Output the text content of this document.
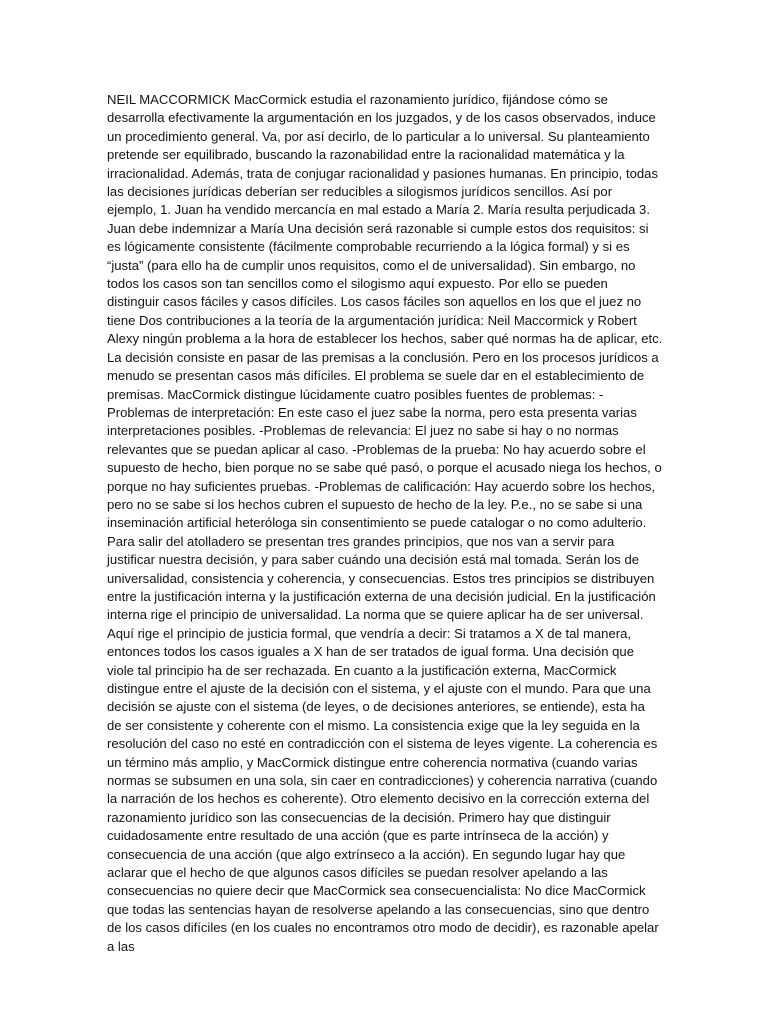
NEIL MACCORMICK MacCormick estudia el razonamiento jurídico, fijándose cómo se desarrolla efectivamente la argumentación en los juzgados, y de los casos observados, induce un procedimiento general. Va, por así decirlo, de lo particular a lo universal. Su planteamiento pretende ser equilibrado, buscando la razonabilidad entre la racionalidad matemática y la irracionalidad. Además, trata de conjugar racionalidad y pasiones humanas. En principio, todas las decisiones jurídicas deberían ser reducibles a silogismos jurídicos sencillos. Así por ejemplo, 1. Juan ha vendido mercancía en mal estado a María 2. María resulta perjudicada 3. Juan debe indemnizar a María Una decisión será razonable si cumple estos dos requisitos: si es lógicamente consistente (fácilmente comprobable recurriendo a la lógica formal) y si es “justa” (para ello ha de cumplir unos requisitos, como el de universalidad). Sin embargo, no todos los casos son tan sencillos como el silogismo aquí expuesto. Por ello se pueden distinguir casos fáciles y casos difíciles. Los casos fáciles son aquellos en los que el juez no tiene Dos contribuciones a la teoría de la argumentación jurídica: Neil Maccormick y Robert Alexy ningún problema a la hora de establecer los hechos, saber qué normas ha de aplicar, etc. La decisión consiste en pasar de las premisas a la conclusión. Pero en los procesos jurídicos a menudo se presentan casos más difíciles. El problema se suele dar en el establecimiento de premisas. MacCormick distingue lúcidamente cuatro posibles fuentes de problemas: -Problemas de interpretación: En este caso el juez sabe la norma, pero esta presenta varias interpretaciones posibles. -Problemas de relevancia: El juez no sabe si hay o no normas relevantes que se puedan aplicar al caso. -Problemas de la prueba: No hay acuerdo sobre el supuesto de hecho, bien porque no se sabe qué pasó, o porque el acusado niega los hechos, o porque no hay suficientes pruebas. -Problemas de calificación: Hay acuerdo sobre los hechos, pero no se sabe si los hechos cubren el supuesto de hecho de la ley. P.e., no se sabe si una inseminación artificial heteróloga sin consentimiento se puede catalogar o no como adulterio. Para salir del atolladero se presentan tres grandes principios, que nos van a servir para justificar nuestra decisión, y para saber cuándo una decisión está mal tomada. Serán los de universalidad, consistencia y coherencia, y consecuencias. Estos tres principios se distribuyen entre la justificación interna y la justificación externa de una decisión judicial. En la justificación interna rige el principio de universalidad. La norma que se quiere aplicar ha de ser universal. Aquí rige el principio de justicia formal, que vendría a decir: Si tratamos a X de tal manera, entonces todos los casos iguales a X han de ser tratados de igual forma. Una decisión que viole tal principio ha de ser rechazada. En cuanto a la justificación externa, MacCormick distingue entre el ajuste de la decisión con el sistema, y el ajuste con el mundo. Para que una decisión se ajuste con el sistema (de leyes, o de decisiones anteriores, se entiende), esta ha de ser consistente y coherente con el mismo. La consistencia exige que la ley seguida en la resolución del caso no esté en contradicción con el sistema de leyes vigente. La coherencia es un término más amplio, y MacCormick distingue entre coherencia normativa (cuando varias normas se subsumen en una sola, sin caer en contradicciones) y coherencia narrativa (cuando la narración de los hechos es coherente). Otro elemento decisivo en la corrección externa del razonamiento jurídico son las consecuencias de la decisión. Primero hay que distinguir cuidadosamente entre resultado de una acción (que es parte intrínseca de la acción) y consecuencia de una acción (que algo extrínseco a la acción). En segundo lugar hay que aclarar que el hecho de que algunos casos difíciles se puedan resolver apelando a las consecuencias no quiere decir que MacCormick sea consecuencialista: No dice MacCormick que todas las sentencias hayan de resolverse apelando a las consecuencias, sino que dentro de los casos difíciles (en los cuales no encontramos otro modo de decidir), es razonable apelar a las
